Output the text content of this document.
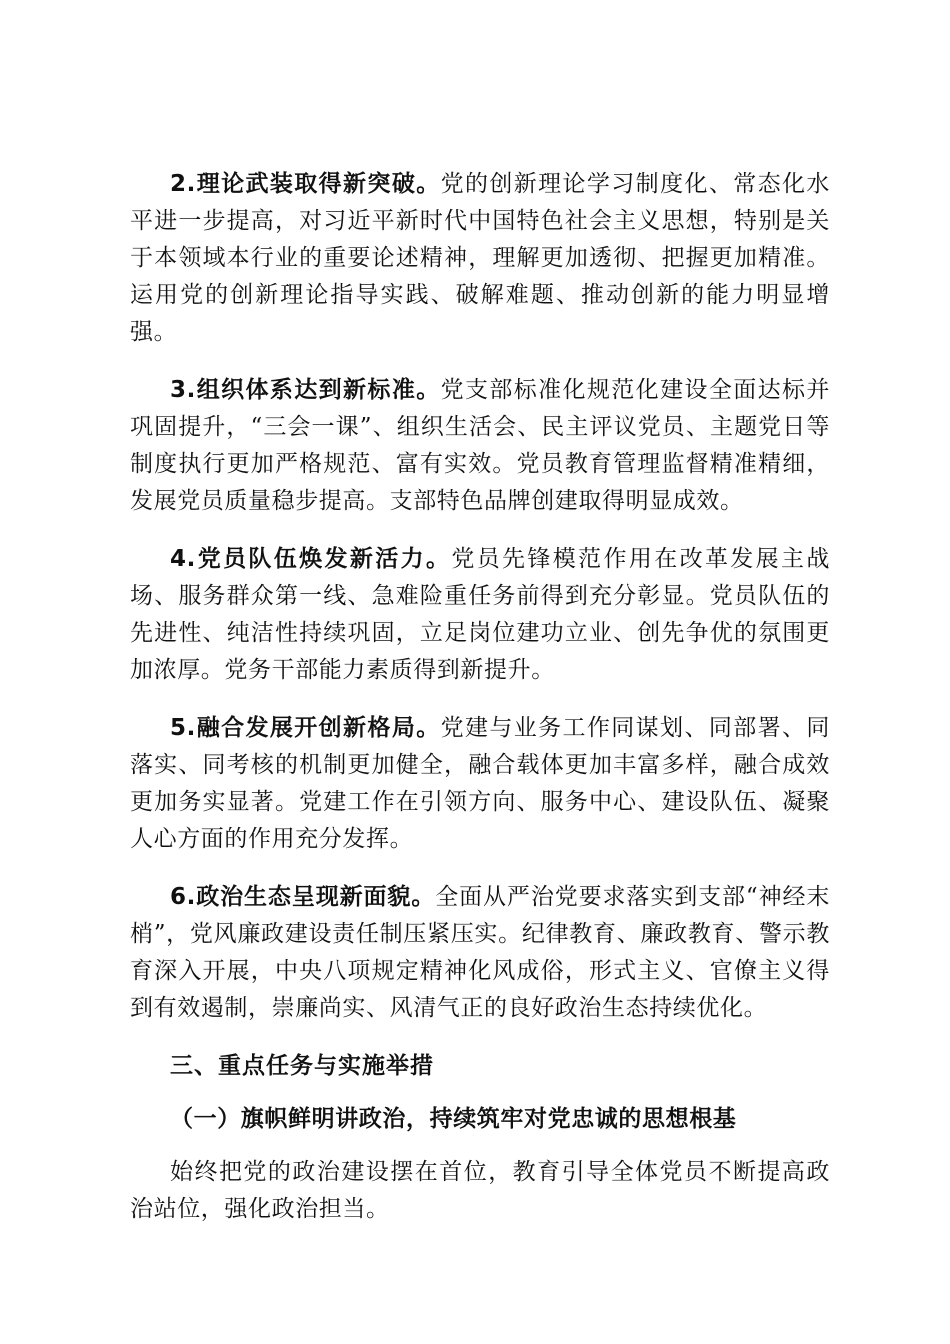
2.理论武装取得新突破。党的创新理论学习制度化、常态化水平进一步提高，对习近平新时代中国特色社会主义思想，特别是关于本领域本行业的重要论述精神，理解更加透彻、把握更加精准。运用党的创新理论指导实践、破解难题、推动创新的能力明显增强。

3.组织体系达到新标准。党支部标准化规范化建设全面达标并巩固提升，“三会一课”、组织生活会、民主评议党员、主题党日等制度执行更加严格规范、富有实效。党员教育管理监督精准精细，发展党员质量稳步提高。支部特色品牌创建取得明显成效。

4.党员队伍焕发新活力。党员先锋模范作用在改革发展主战场、服务群众第一线、急难险重任务前得到充分彰显。党员队伍的先进性、纯洁性持续巩固，立足岗位建功立业、创先争优的氛围更加浓厚。党务干部能力素质得到新提升。

5.融合发展开创新格局。党建与业务工作同谋划、同部署、同落实、同考核的机制更加健全，融合载体更加丰富多样，融合成效更加务实显著。党建工作在引领方向、服务中心、建设队伍、凝聚人心方面的作用充分发挥。

6.政治生态呈现新面貌。全面从严治党要求落实到支部“神经末梢”，党风廉政建设责任制压紧压实。纪律教育、廉政教育、警示教育深入开展，中央八项规定精神化风成俗，形式主义、官僚主义得到有效遏制，崇廉尚实、风清气正的良好政治生态持续优化。

三、重点任务与实施举措

（一）旗帜鲜明讲政治，持续筑牢对党忠诚的思想根基

始终把党的政治建设摆在首位，教育引导全体党员不断提高政治站位，强化政治担当。
